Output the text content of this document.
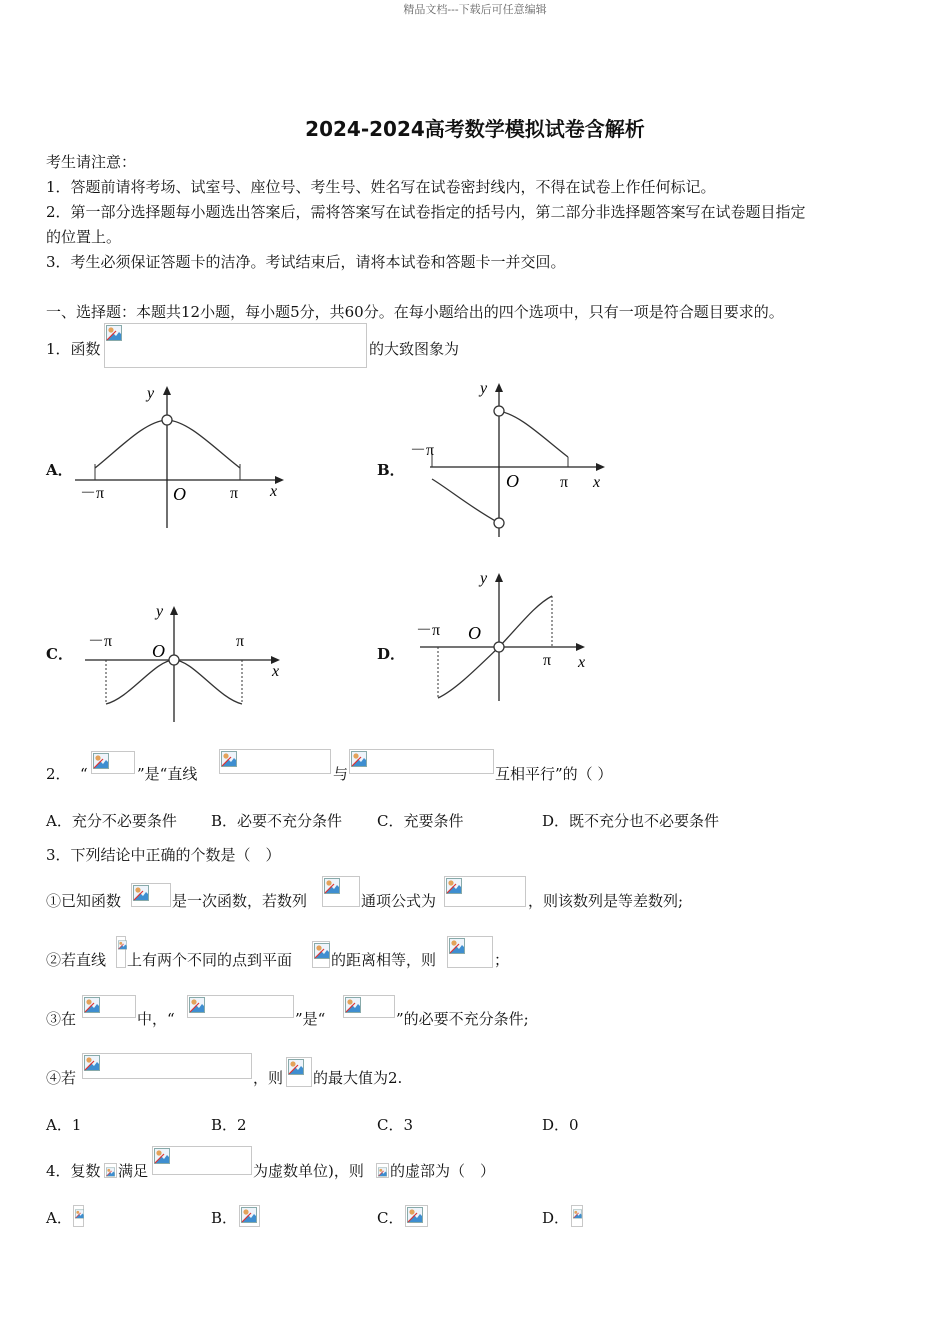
精品文档---下载后可任意编辑
2024-2024高考数学模拟试卷含解析
考生请注意：
1．答题前请将考场、试室号、座位号、考生号、姓名写在试卷密封线内，不得在试卷上作任何标记。
2．第一部分选择题每小题选出答案后，需将答案写在试卷指定的括号内，第二部分非选择题答案写在试卷题目指定
的位置上。
3．考生必须保证答题卡的洁净。考试结束后，请将本试卷和答题卡一并交回。
一、选择题：本题共12小题，每小题5分，共60分。在每小题给出的四个选项中，只有一项是符合题目要求的。
1．函数	的大致图象为
A．	B．
C．	D．
y
O	x
－π	π
y
O	x
－π
π
y
O
x
－π	π
y
O
x
－π
π
2． “	”是“直线	与	互相平行”的（ ）
A．充分不必要条件 B．必要不充分条件 C．充要条件	D．既不充分也不必要条件
3．下列结论中正确的个数是（　）
①已知函数	是一次函数，若数列	通项公式为	，则该数列是等差数列;
②若直线 上有两个不同的点到平面	的距离相等，则	；
③在	中，“	”是“	”的必要不充分条件;
④若	，则 的最大值为2.
A．1	B．2	C．3	D．0
4．复数 满足	为虚数单位)，则 的虚部为（　）
A．	B．	C．	D．
